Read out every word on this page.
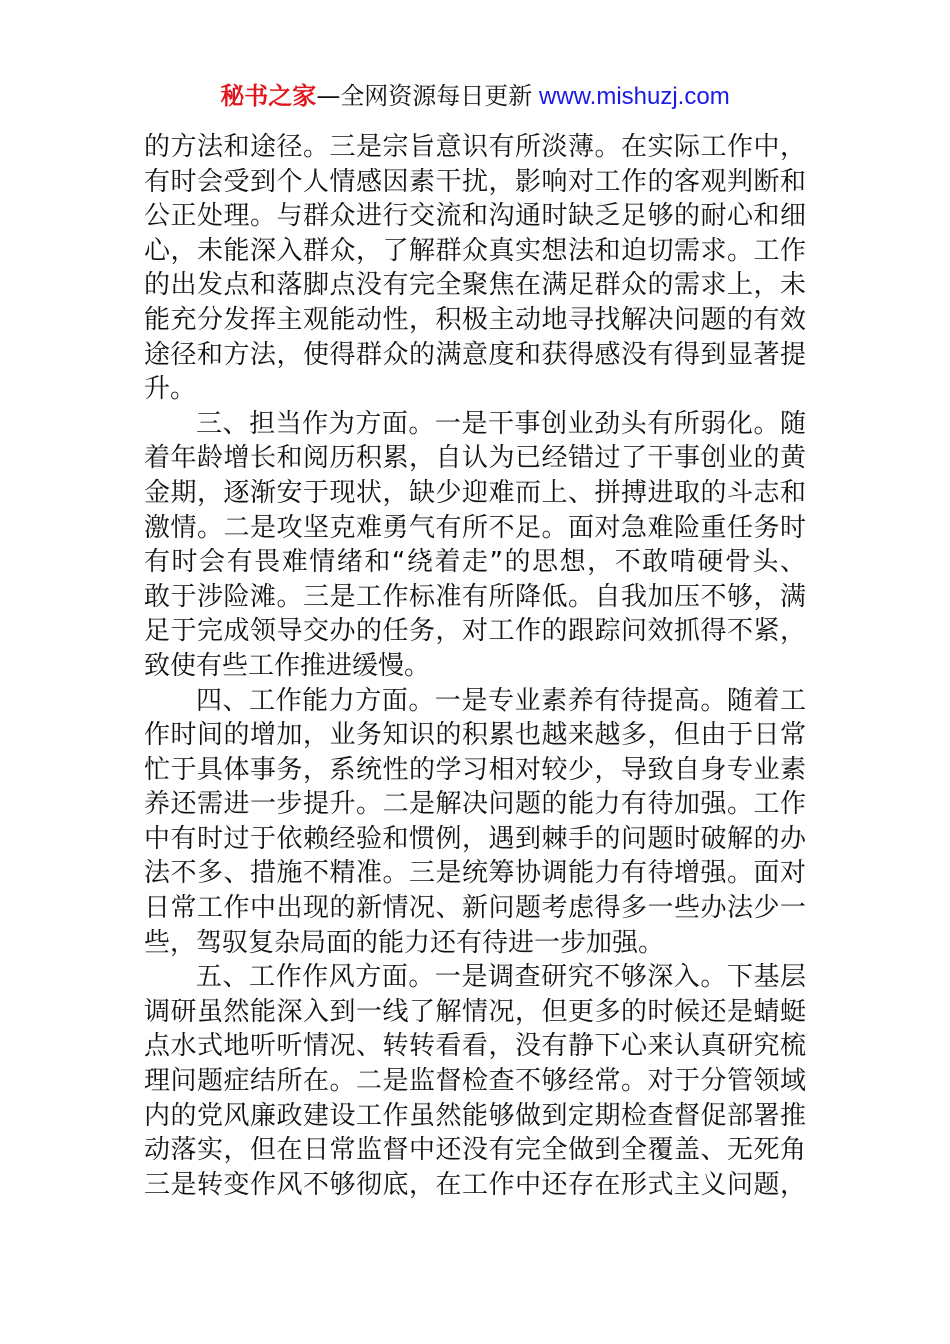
秘书之家—全网资源每日更新 www.mishuzj.com
的方法和途径。三是宗旨意识有所淡薄。在实际工作中，
有时会受到个人情感因素干扰，影响对工作的客观判断和
公正处理。与群众进行交流和沟通时缺乏足够的耐心和细
心，未能深入群众，了解群众真实想法和迫切需求。工作
的出发点和落脚点没有完全聚焦在满足群众的需求上，未
能充分发挥主观能动性，积极主动地寻找解决问题的有效
途径和方法，使得群众的满意度和获得感没有得到显著提
升。
三、担当作为方面。一是干事创业劲头有所弱化。随
着年龄增长和阅历积累，自认为已经错过了干事创业的黄
金期，逐渐安于现状，缺少迎难而上、拼搏进取的斗志和
激情。二是攻坚克难勇气有所不足。面对急难险重任务时
有时会有畏难情绪和“绕着走”的思想，不敢啃硬骨头、
敢于涉险滩。三是工作标准有所降低。自我加压不够，满
足于完成领导交办的任务，对工作的跟踪问效抓得不紧，
致使有些工作推进缓慢。
四、工作能力方面。一是专业素养有待提高。随着工
作时间的增加，业务知识的积累也越来越多，但由于日常
忙于具体事务，系统性的学习相对较少，导致自身专业素
养还需进一步提升。二是解决问题的能力有待加强。工作
中有时过于依赖经验和惯例，遇到棘手的问题时破解的办
法不多、措施不精准。三是统筹协调能力有待增强。面对
日常工作中出现的新情况、新问题考虑得多一些办法少一
些，驾驭复杂局面的能力还有待进一步加强。
五、工作作风方面。一是调查研究不够深入。下基层
调研虽然能深入到一线了解情况，但更多的时候还是蜻蜓
点水式地听听情况、转转看看，没有静下心来认真研究梳
理问题症结所在。二是监督检查不够经常。对于分管领域
内的党风廉政建设工作虽然能够做到定期检查督促部署推
动落实，但在日常监督中还没有完全做到全覆盖、无死角
三是转变作风不够彻底，在工作中还存在形式主义问题，
